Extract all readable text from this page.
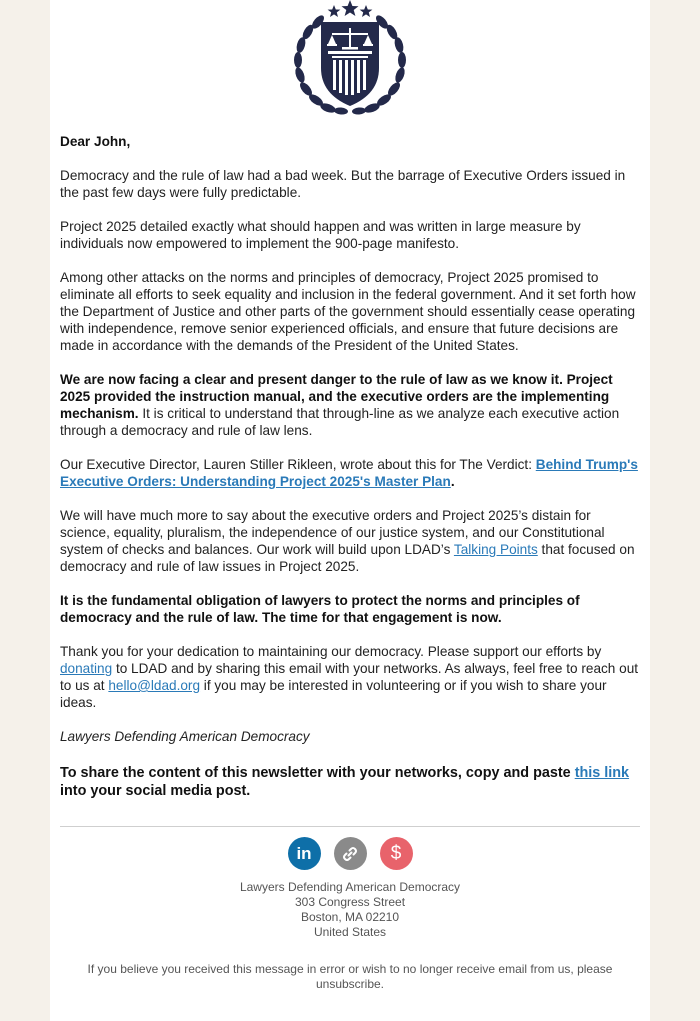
Dear John,

Democracy and the rule of law had a bad week. But the barrage of Executive Orders issued in the past few days were fully predictable.

Project 2025 detailed exactly what should happen and was written in large measure by individuals now empowered to implement the 900-page manifesto.

Among other attacks on the norms and principles of democracy, Project 2025 promised to eliminate all efforts to seek equality and inclusion in the federal government. And it set forth how the Department of Justice and other parts of the government should essentially cease operating with independence, remove senior experienced officials, and ensure that future decisions are made in accordance with the demands of the President of the United States.

We are now facing a clear and present danger to the rule of law as we know it. Project 2025 provided the instruction manual, and the executive orders are the implementing mechanism. It is critical to understand that through-line as we analyze each executive action through a democracy and rule of law lens.

Our Executive Director, Lauren Stiller Rikleen, wrote about this for The Verdict: Behind Trump's Executive Orders: Understanding Project 2025's Master Plan.

We will have much more to say about the executive orders and Project 2025’s distain for science, equality, pluralism, the independence of our justice system, and our Constitutional system of checks and balances. Our work will build upon LDAD’s Talking Points that focused on democracy and rule of law issues in Project 2025.

It is the fundamental obligation of lawyers to protect the norms and principles of democracy and the rule of law. The time for that engagement is now.

Thank you for your dedication to maintaining our democracy. Please support our efforts by donating to LDAD and by sharing this email with your networks. As always, feel free to reach out to us at hello@ldad.org if you may be interested in volunteering or if you wish to share your ideas.

Lawyers Defending American Democracy

To share the content of this newsletter with your networks, copy and paste this link into your social media post.

in	$
Lawyers Defending American Democracy
303 Congress Street
Boston, MA 02210
United States
If you believe you received this message in error or wish to no longer receive email from us, please unsubscribe.
